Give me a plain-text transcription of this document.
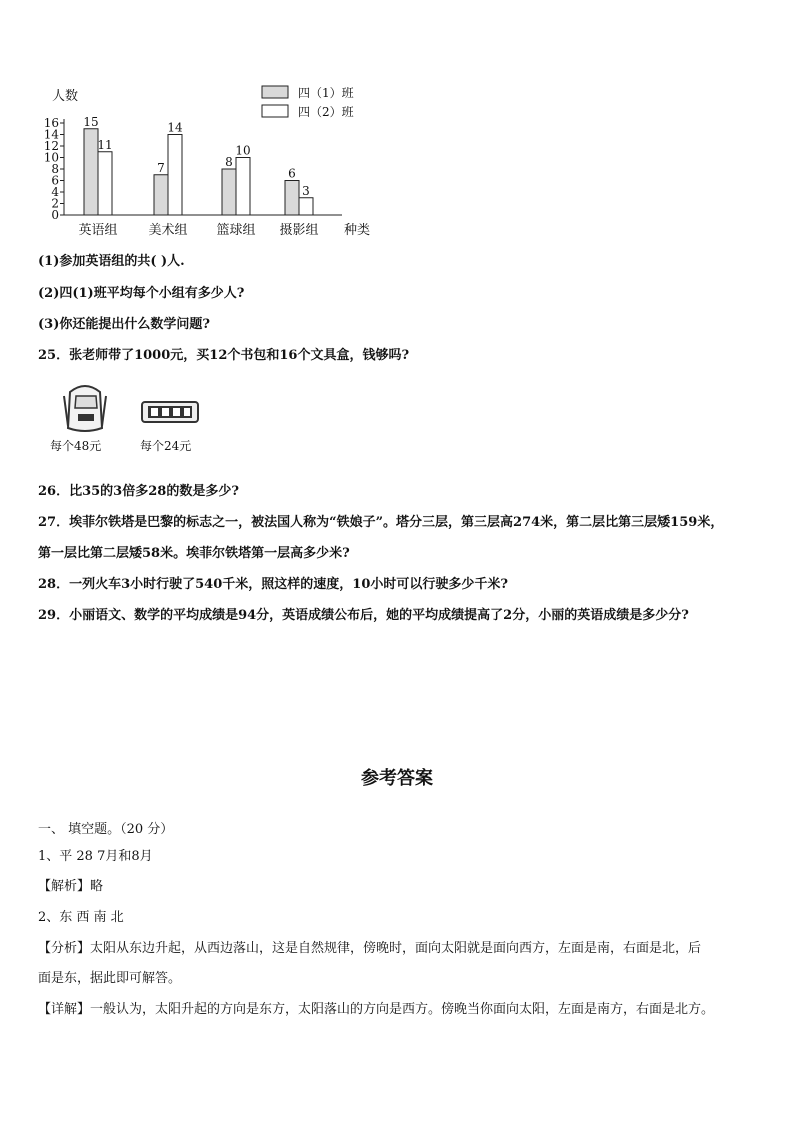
0
2
4
6
8
10
12
14
16
人数
种类
15
11
英语组
7
14
美术组
8
10
篮球组
6
3
摄影组
四（1）班
四（2）班
(1)参加英语组的共( )人.
(2)四(1)班平均每个小组有多少人?
(3)你还能提出什么数学问题?
25．张老师带了1000元，买12个书包和16个文具盒，钱够吗?
每个48元	每个24元
26．比35的3倍多28的数是多少?
27．埃菲尔铁塔是巴黎的标志之一，被法国人称为“铁娘子”。塔分三层，第三层高274米，第二层比第三层矮159米，
第一层比第二层矮58米。埃菲尔铁塔第一层高多少米?
28．一列火车3小时行驶了540千米，照这样的速度，10小时可以行驶多少千米?
29．小丽语文、数学的平均成绩是94分，英语成绩公布后，她的平均成绩提高了2分，小丽的英语成绩是多少分?
参考答案
一、 填空题。（20 分）
1、平 28 7月和8月
【解析】略
2、东 西 南 北
【分析】太阳从东边升起，从西边落山，这是自然规律，傍晚时，面向太阳就是面向西方，左面是南，右面是北，后
面是东，据此即可解答。
【详解】一般认为，太阳升起的方向是东方，太阳落山的方向是西方。傍晚当你面向太阳，左面是南方，右面是北方。
